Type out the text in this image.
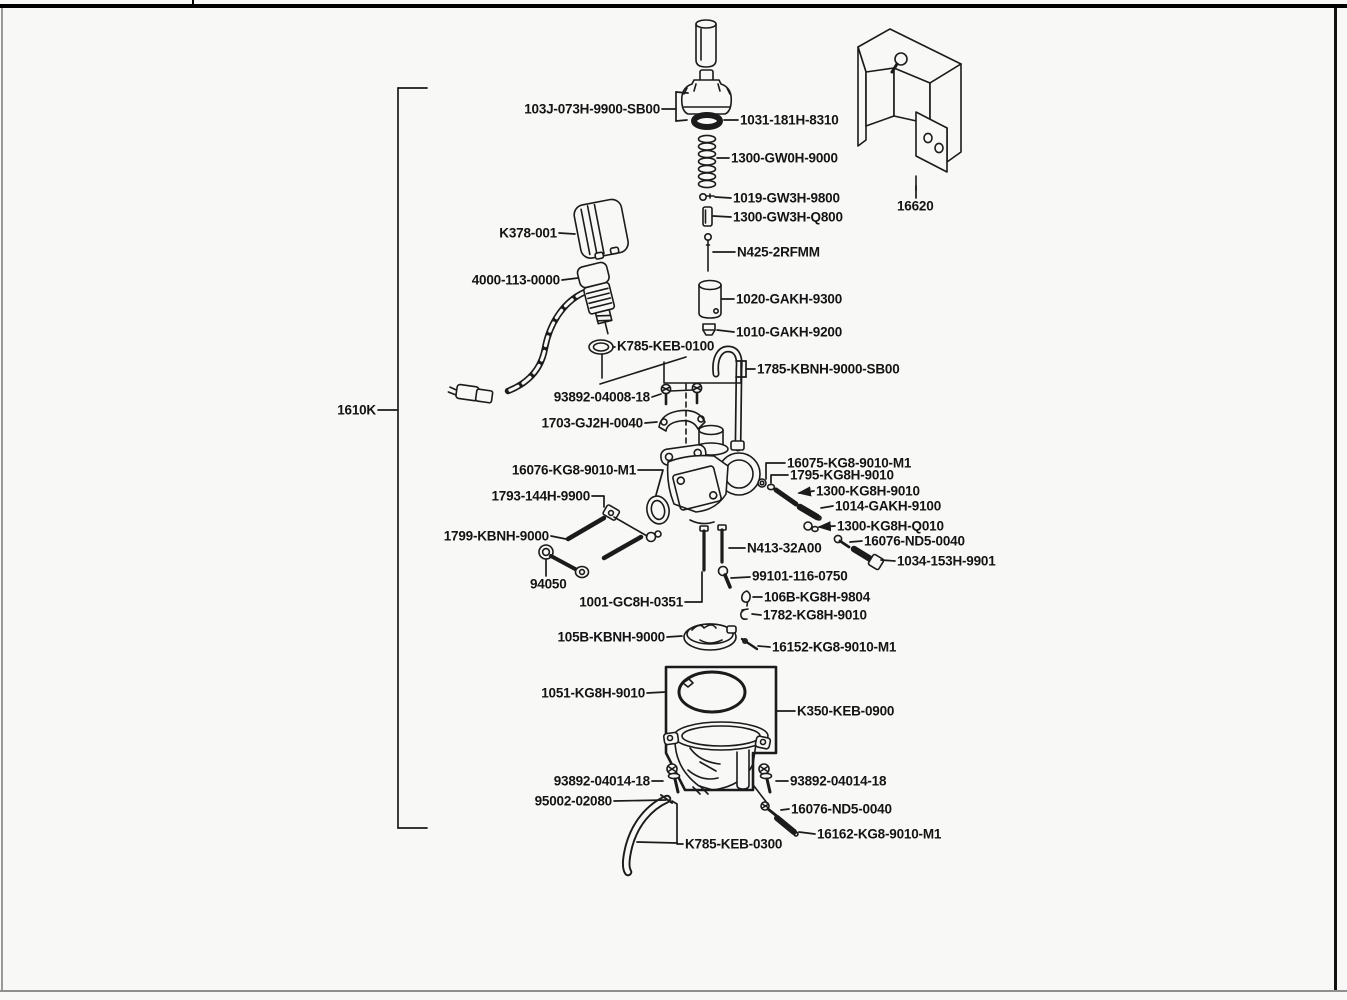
103J-073H-9900-SB00
1031-181H-8310
1300-GW0H-9000
1019-GW3H-9800
1300-GW3H-Q800
N425-2RFMM
K378-001
4000-113-0000
1020-GAKH-9300
1010-GAKH-9200
K785-KEB-0100
1785-KBNH-9000-SB00
93892-04008-18
1703-GJ2H-0040
16620
16076-KG8-9010-M1	16075-KG8-9010-M1
1795-KG8H-9010
1300-KG8H-9010
1014-GAKH-9100
1793-144H-9900
1300-KG8H-Q010
16076-ND5-0040
1799-KBNH-9000
N413-32A00
1034-153H-9901
94050
99101-116-0750
106B-KG8H-9804
1001-GC8H-0351
1782-KG8H-9010
105B-KBNH-9000
16152-KG8-9010-M1
1051-KG8H-9010
K350-KEB-0900
93892-04014-18	93892-04014-18
95002-02080
16076-ND5-0040
16162-KG8-9010-M1
K785-KEB-0300
1610K
